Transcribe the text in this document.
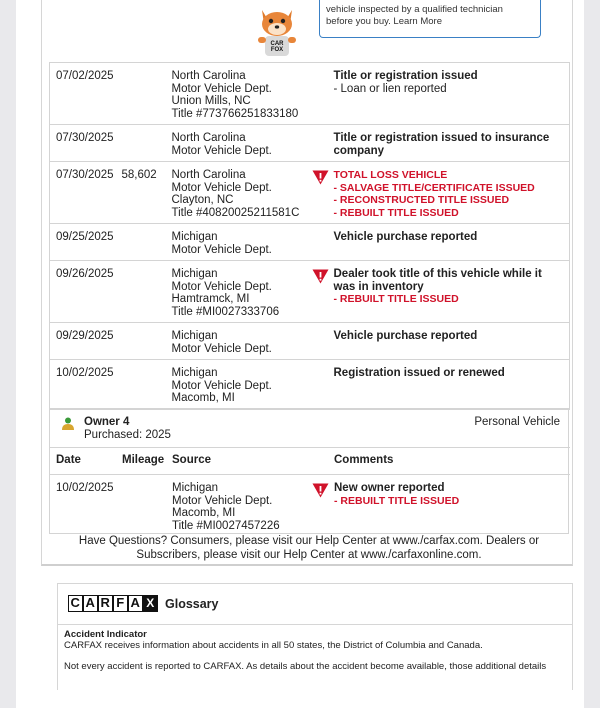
vehicle inspected by a qualified technician
before you buy. Learn More
CAR
FOX
07/02/2025		North Carolina
Motor Vehicle Dept.
Union Mills, NC
Title #773766251833180		Title or registration issued
- Loan or lien reported

07/30/2025		North Carolina
Motor Vehicle Dept.		Title or registration issued to insurance
company

07/30/2025	58,602	North Carolina
Motor Vehicle Dept.
Clayton, NC
Title #40820025211581C		TOTAL LOSS VEHICLE
- SALVAGE TITLE/CERTIFICATE ISSUED
- RECONSTRUCTED TITLE ISSUED
- REBUILT TITLE ISSUED

09/25/2025		Michigan
Motor Vehicle Dept.		Vehicle purchase reported

09/26/2025		Michigan
Motor Vehicle Dept.
Hamtramck, MI
Title #MI0027333706		Dealer took title of this vehicle while it
was in inventory
- REBUILT TITLE ISSUED

09/29/2025		Michigan
Motor Vehicle Dept.		Vehicle purchase reported

10/02/2025		Michigan
Motor Vehicle Dept.
Macomb, MI		Registration issued or renewed
Owner 4
Purchased: 2025
Personal Vehicle
Date	Mileage	Source		Comments
10/02/2025		Michigan
Motor Vehicle Dept.
Macomb, MI
Title #MI0027457226		New owner reported
- REBUILT TITLE ISSUED
Have Questions? Consumers, please visit our Help Center at www./carfax.com. Dealers or
Subscribers, please visit our Help Center at www./carfaxonline.com.
C A R F A X Glossary
Accident Indicator
CARFAX receives information about accidents in all 50 states, the District of Columbia and Canada.
Not every accident is reported to CARFAX. As details about the accident become available, those additional details
